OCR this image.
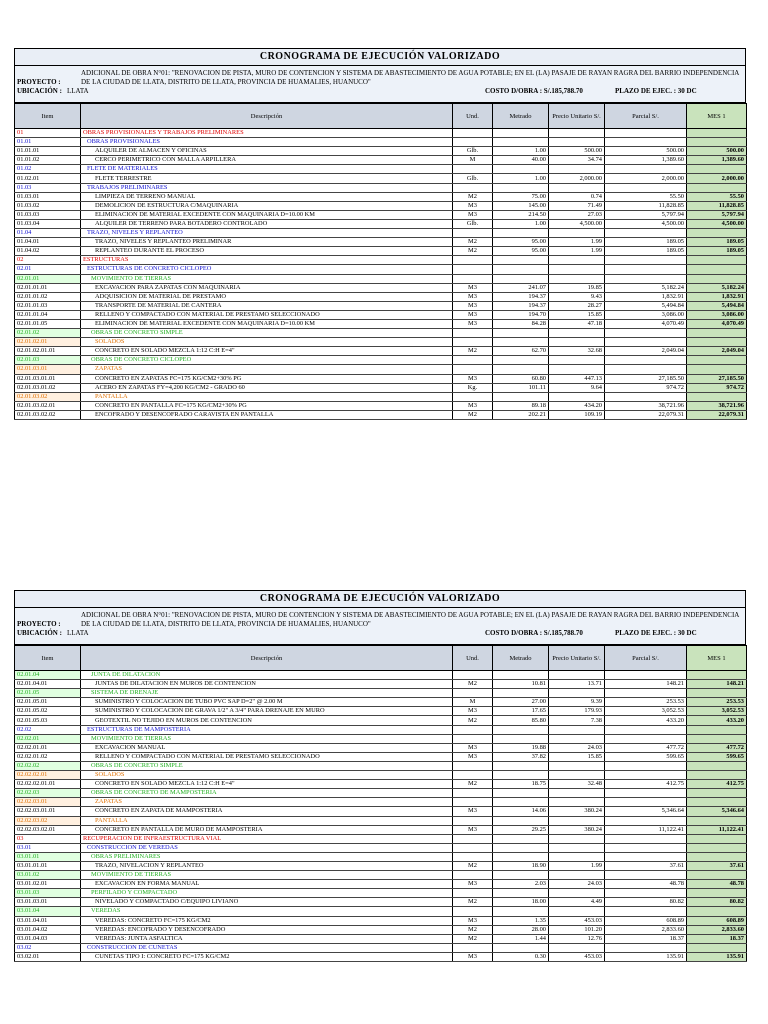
CRONOGRAMA DE EJECUCIÓN VALORIZADO
PROYECTO :
ADICIONAL DE OBRA N°01: "RENOVACION DE PISTA, MURO DE CONTENCION Y SISTEMA DE ABASTECIMIENTO DE AGUA POTABLE; EN EL (LA) PASAJE DE RAYAN RAGRA DEL BARRIO INDEPENDENCIA DE LA CIUDAD DE LLATA, DISTRITO DE LLATA, PROVINCIA DE HUAMALIES, HUANUCO"
UBICACIÓN : LLATA	COSTO D/OBRA : S/.185,788.70	PLAZO DE EJEC. : 30 DC
Item	Descripción	Und.	Metrado	Precio Unitario S/.	Parcial S/.	MES 1
01	OBRAS PROVISIONALES Y TRABAJOS PRELIMINARES					
01.01	OBRAS PROVISIONALES					
01.01.01	ALQUILER DE ALMACEN Y OFICINAS	Glb.	1.00	500.00	500.00	500.00
01.01.02	CERCO PERIMETRICO CON MALLA ARPILLERA	M	40.00	34.74	1,389.60	1,389.60
01.02	FLETE DE MATERIALES					
01.02.01	FLETE TERRESTRE	Glb.	1.00	2,000.00	2,000.00	2,000.00
01.03	TRABAJOS PRELIMINARES					
01.03.01	LIMPIEZA DE TERRENO MANUAL	M2	75.00	0.74	55.50	55.50
01.03.02	DEMOLICION DE ESTRUCTURA C/MAQUINARIA	M3	145.00	71.49	11,828.85	11,828.85
01.03.03	ELIMINACION DE MATERIAL EXCEDENTE CON MAQUINARIA D=10.00 KM	M3	214.50	27.03	5,797.94	5,797.94
01.03.04	ALQUILER DE TERRENO PARA BOTADERO CONTROLADO	Glb.	1.00	4,500.00	4,500.00	4,500.00
01.04	TRAZO, NIVELES Y REPLANTEO					
01.04.01	TRAZO, NIVELES Y REPLANTEO PRELIMINAR	M2	95.00	1.99	189.05	189.05
01.04.02	REPLANTEO DURANTE EL PROCESO	M2	95.00	1.99	189.05	189.05
02	ESTRUCTURAS					
02.01	ESTRUCTURAS DE CONCRETO CICLOPEO					
02.01.01	MOVIMIENTO DE TIERRAS					
02.01.01.01	EXCAVACION PARA ZAPATAS CON MAQUINARIA	M3	241.07	19.85	5,182.24	5,182.24
02.01.01.02	ADQUISICION DE MATERIAL DE PRESTAMO	M3	194.37	9.43	1,832.91	1,832.91
02.01.01.03	TRANSPORTE DE MATERIAL DE CANTERA	M3	194.37	28.27	5,494.84	5,494.84
02.01.01.04	RELLENO Y COMPACTADO CON MATERIAL DE PRESTAMO SELECCIONADO	M3	194.70	15.85	3,086.00	3,086.00
02.01.01.05	ELIMINACION DE MATERIAL EXCEDENTE CON MAQUINARIA D=10.00 KM	M3	84.28	47.18	4,070.49	4,070.49
02.01.02	OBRAS DE CONCRETO SIMPLE					
02.01.02.01	SOLADOS					
02.01.02.01.01	CONCRETO EN SOLADO MEZCLA 1:12 C:H E=4"	M2	62.70	32.68	2,049.04	2,049.04
02.01.03	OBRAS DE CONCRETO CICLOPEO					
02.01.03.01	ZAPATAS					
02.01.03.01.01	CONCRETO EN ZAPATAS FC=175 KG/CM2+30% PG	M3	60.80	447.13	27,185.50	27,185.50
02.01.03.01.02	ACERO EN ZAPATAS FY=4,200 KG/CM2 - GRADO 60	Kg.	101.11	9.64	974.72	974.72
02.01.03.02	PANTALLA					
02.01.03.02.01	CONCRETO EN PANTALLA FC=175 KG/CM2+30% PG	M3	89.18	434.20	38,721.96	38,721.96
02.01.03.02.02	ENCOFRADO Y DESENCOFRADO CARAVISTA EN PANTALLA	M2	202.21	109.19	22,079.31	22,079.31
CRONOGRAMA DE EJECUCIÓN VALORIZADO
PROYECTO :
ADICIONAL DE OBRA N°01: "RENOVACION DE PISTA, MURO DE CONTENCION Y SISTEMA DE ABASTECIMIENTO DE AGUA POTABLE; EN EL (LA) PASAJE DE RAYAN RAGRA DEL BARRIO INDEPENDENCIA DE LA CIUDAD DE LLATA, DISTRITO DE LLATA, PROVINCIA DE HUAMALIES, HUANUCO"
UBICACIÓN : LLATA	COSTO D/OBRA : S/.185,788.70	PLAZO DE EJEC. : 30 DC
Item	Descripción	Und.	Metrado	Precio Unitario S/.	Parcial S/.	MES 1
02.01.04	JUNTA DE DILATACION					
02.01.04.01	JUNTAS DE DILATACION EN MUROS DE CONTENCION	M2	10.81	13.71	148.21	148.21
02.01.05	SISTEMA DE DRENAJE					
02.01.05.01	SUMINISTRO Y COLOCACION DE TUBO PVC SAP D=2" @ 2.00 M	M	27.00	9.39	253.53	253.53
02.01.05.02	SUMINISTRO Y COLOCACION DE GRAVA 1/2" A 3/4" PARA DRENAJE EN MURO	M3	17.65	179.93	3,052.53	3,052.53
02.01.05.03	GEOTEXTIL NO TEJIDO EN MUROS DE CONTENCION	M2	85.80	7.38	433.20	433.20
02.02	ESTRUCTURAS DE MAMPOSTERIA					
02.02.01	MOVIMIENTO DE TIERRAS					
02.02.01.01	EXCAVACION MANUAL	M3	19.88	24.03	477.72	477.72
02.02.01.02	RELLENO Y COMPACTADO CON MATERIAL DE PRESTAMO SELECCIONADO	M3	37.82	15.85	599.65	599.65
02.02.02	OBRAS DE CONCRETO SIMPLE					
02.02.02.01	SOLADOS					
02.02.02.01.01	CONCRETO EN SOLADO MEZCLA 1:12 C:H E=4"	M2	18.75	32.48	412.75	412.75
02.02.03	OBRAS DE CONCRETO DE MAMPOSTERIA					
02.02.03.01	ZAPATAS					
02.02.03.01.01	CONCRETO EN ZAPATA DE MAMPOSTERIA	M3	14.06	380.24	5,346.64	5,346.64
02.02.03.02	PANTALLA					
02.02.03.02.01	CONCRETO EN PANTALLA DE MURO DE MAMPOSTERIA	M3	29.25	380.24	11,122.41	11,122.41
03	RECUPERACION DE INFRAESTRUCTURA VIAL					
03.01	CONSTRUCCION DE VEREDAS					
03.01.01	OBRAS PRELIMINARES					
03.01.01.01	TRAZO, NIVELACION Y REPLANTEO	M2	18.90	1.99	37.61	37.61
03.01.02	MOVIMIENTO DE TIERRAS					
03.01.02.01	EXCAVACION EN FORMA MANUAL	M3	2.03	24.03	48.78	48.78
03.01.03	PERFILADO Y COMPACTADO					
03.01.03.01	NIVELADO Y COMPACTADO C/EQUIPO LIVIANO	M2	18.00	4.49	80.82	80.82
03.01.04	VEREDAS					
03.01.04.01	VEREDAS: CONCRETO FC=175 KG/CM2	M3	1.35	453.03	608.89	608.89
03.01.04.02	VEREDAS: ENCOFRADO Y DESENCOFRADO	M2	28.00	101.20	2,833.60	2,833.60
03.01.04.03	VEREDAS: JUNTA ASFALTICA	M2	1.44	12.76	18.37	18.37
03.02	CONSTRUCCION DE CUNETAS					
03.02.01	CUNETAS TIPO I: CONCRETO FC=175 KG/CM2	M3	0.30	453.03	135.91	135.91
